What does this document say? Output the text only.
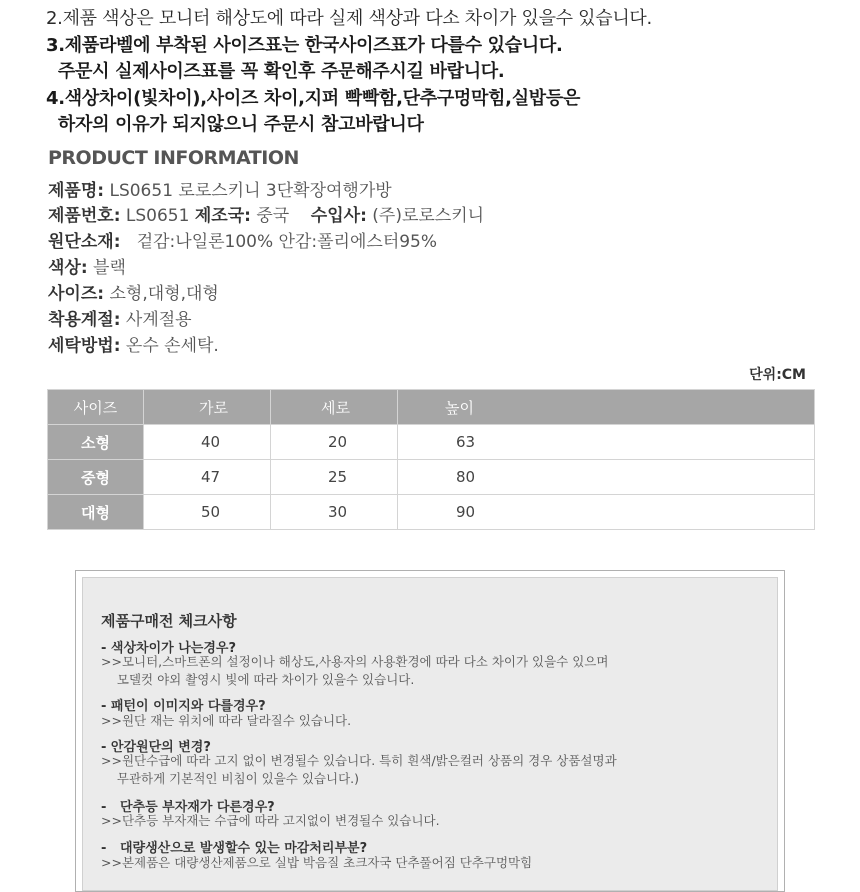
2.제품 색상은 모니터 해상도에 따라 실제 색상과 다소 차이가 있을수 있습니다.
3.제품라벨에 부착된 사이즈표는 한국사이즈표가 다를수 있습니다.
주문시 실제사이즈표를 꼭 확인후 주문해주시길 바랍니다.
4.색상차이(빛차이),사이즈 차이,지퍼 빡빡함,단추구멍막힘,실밥등은
하자의 이유가 되지않으니 주문시 참고바랍니다
PRODUCT INFORMATION
제품명: LS0651 로로스키니 3단확장여행가방
제품번호: LS0651 제조국: 중국    수입사: (주)로로스키니
원단소재:   겉감:나일론100% 안감:폴리에스터95%
색상: 블랙
사이즈: 소형,대형,대형
착용계절: 사계절용
세탁방법: 온수 손세탁.
단위:CM
사이즈	가로	세로	높이
소형	40	20	63
중형	47	25	80
대형	50	30	90
제품구매전 체크사항
- 색상차이가 나는경우?
>>모니터,스마트폰의 설정이나 해상도,사용자의 사용환경에 따라 다소 차이가 있을수 있으며
모델컷 야외 촬영시 빛에 따라 차이가 있을수 있습니다.
- 패턴이 이미지와 다를경우?
>>원단 재는 위치에 따라 달라질수 있습니다.
- 안감원단의 변경?
>>원단수급에 따라 고지 없이 변경될수 있습니다. 특히 흰색/밝은컬러 상품의 경우 상품설명과
무관하게 기본적인 비침이 있을수 있습니다.)
-   단추등 부자재가 다른경우?
>>단추등 부자재는 수급에 따라 고지없이 변경될수 있습니다.
-   대량생산으로 발생할수 있는 마감처리부분?
>>본제품은 대량생산제품으로 실밥 박음질 초크자국 단추풀어짐 단추구멍막힘
